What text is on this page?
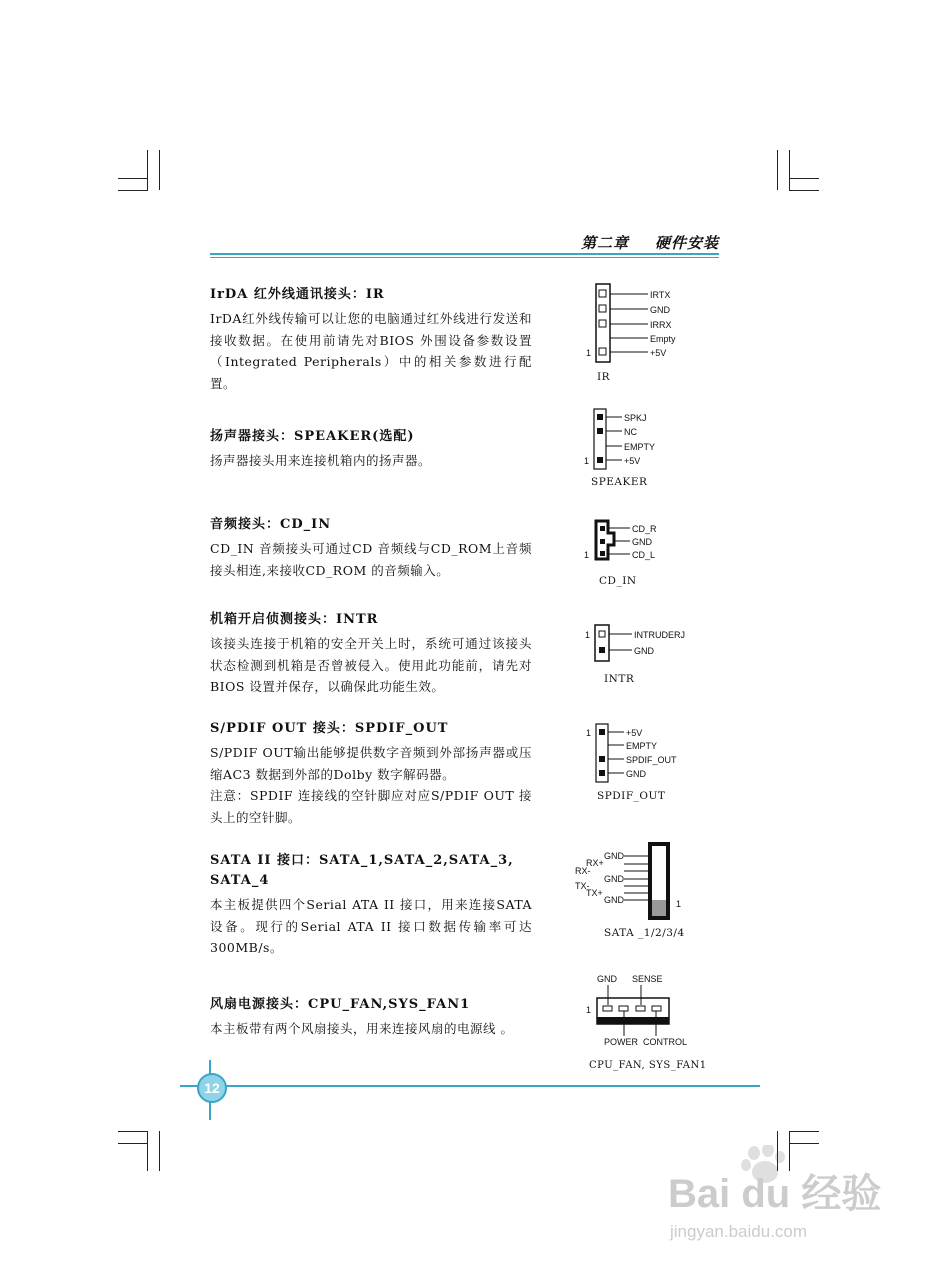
第二章 硬件安装
IrDA 红外线通讯接头：IR
IrDA红外线传输可以让您的电脑通过红外线进行发送和接收数据。在使用前请先对BIOS 外围设备参数设置 （Integrated Peripherals）中的相关参数进行配置。
扬声器接头：SPEAKER(选配)
扬声器接头用来连接机箱内的扬声器。
音频接头：CD_IN
CD_IN 音频接头可通过CD 音频线与CD_ROM上音频接头相连,来接收CD_ROM 的音频输入。
机箱开启侦测接头：INTR
该接头连接于机箱的安全开关上时，系统可通过该接头状态检测到机箱是否曾被侵入。使用此功能前，请先对BIOS 设置并保存，以确保此功能生效。
S/PDIF OUT 接头：SPDIF_OUT
S/PDIF OUT输出能够提供数字音频到外部扬声器或压缩AC3 数据到外部的Dolby 数字解码器。
注意：SPDIF 连接线的空针脚应对应S/PDIF OUT 接头上的空针脚。
SATA II 接口：SATA_1,SATA_2,SATA_3,
SATA_4
本主板提供四个Serial ATA II 接口，用来连接SATA 设备。现行的Serial ATA II 接口数据传输率可达300MB/s。
风扇电源接头：CPU_FAN,SYS_FAN1
本主板带有两个风扇接头，用来连接风扇的电源线 。
IRTX
GND
IRRX
Empty
+5V
1
IR
SPKJ
NC
EMPTY
+5V
1
SPEAKER
CD_R
GND
CD_L
1
CD_IN
INTRUDERJ
GND
1
INTR
+5V
EMPTY
SPDIF_OUT
GND
1
SPDIF_OUT
GND
RX+
RX-
GND
TX-
TX+
GND	1
SATA _1/2/3/4
GND SENSE
POWER CONTROL
1
CPU_FAN, SYS_FAN1
12
Bai du 经验
jingyan.baidu.com
